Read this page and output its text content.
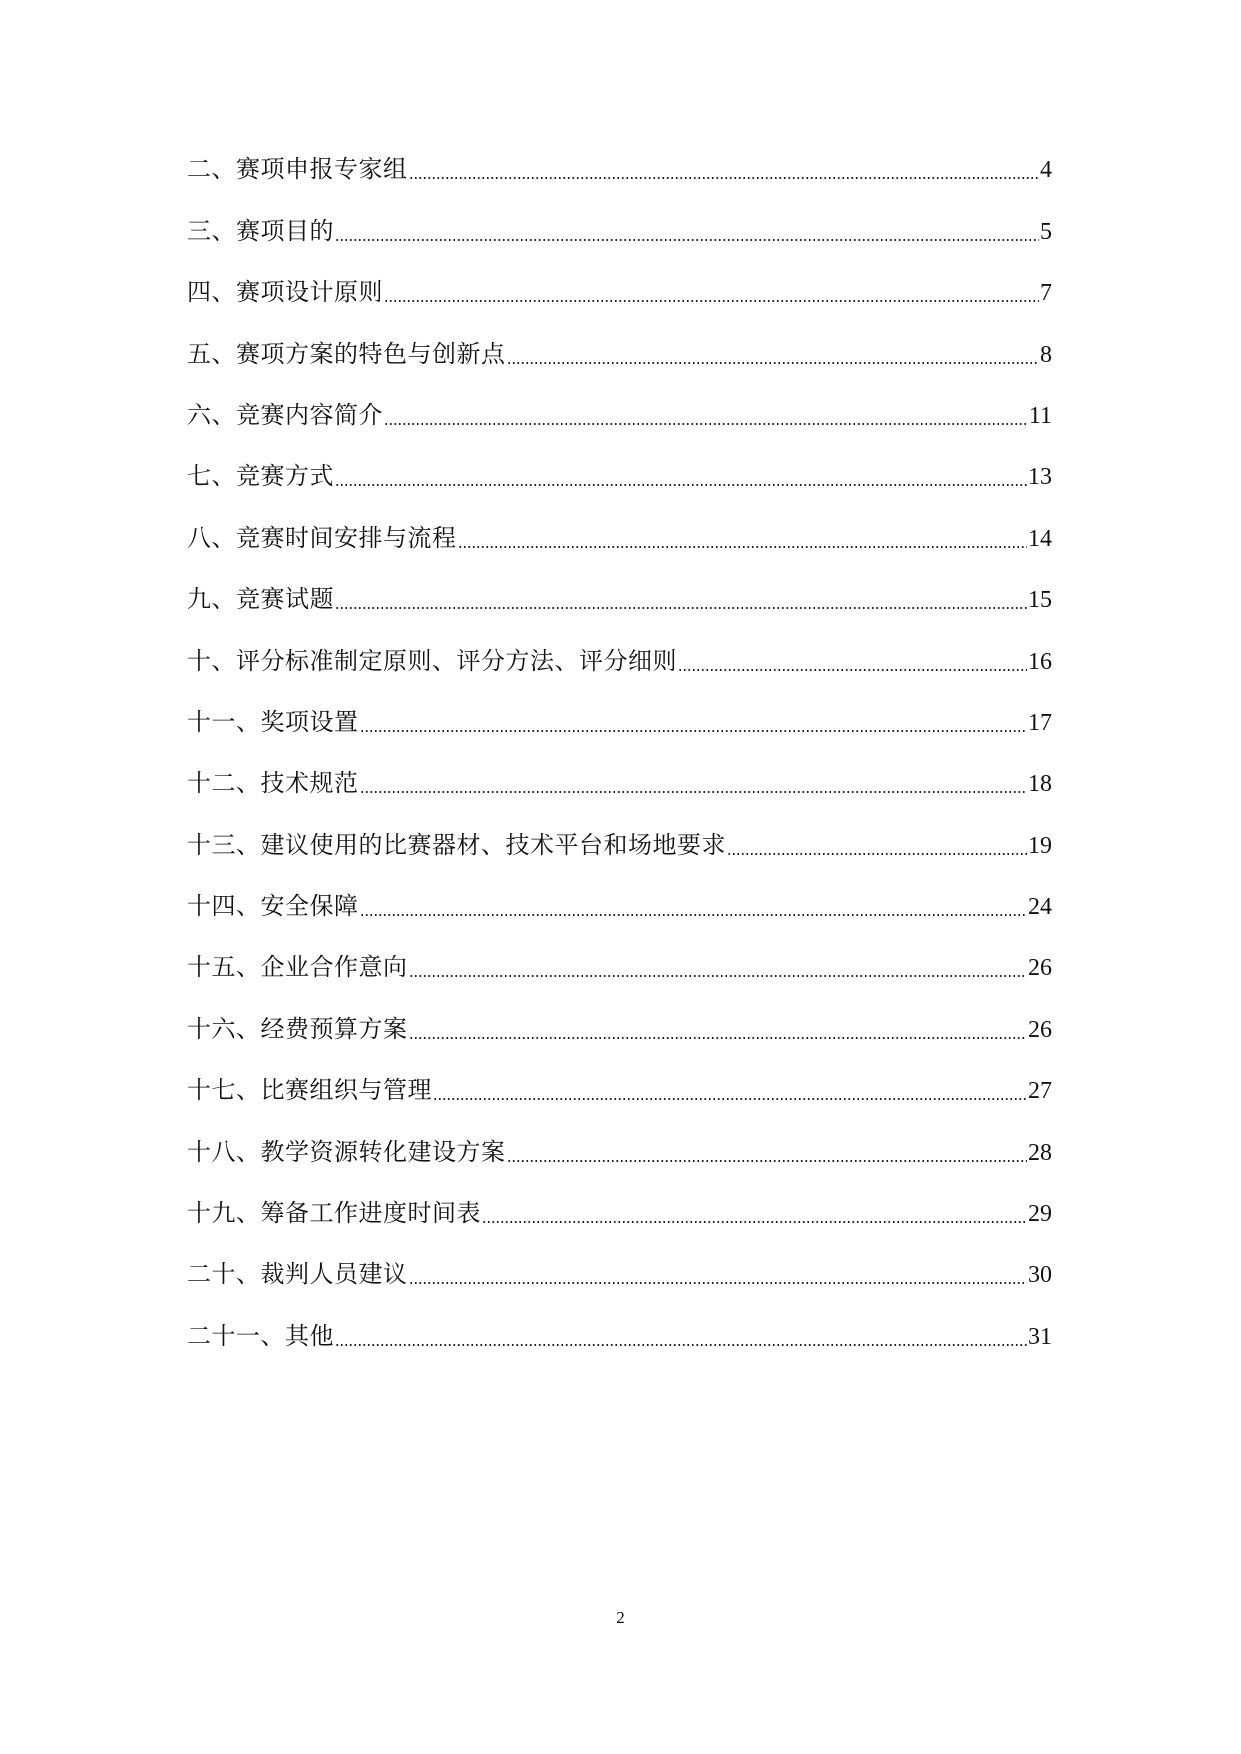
二、赛项申报专家组	4
三、赛项目的	5
四、赛项设计原则	7
五、赛项方案的特色与创新点	8
六、竞赛内容简介	11
七、竞赛方式	13
八、竞赛时间安排与流程	14
九、竞赛试题	15
十、评分标准制定原则、评分方法、评分细则	16
十一、奖项设置	17
十二、技术规范	18
十三、建议使用的比赛器材、技术平台和场地要求	19
十四、安全保障	24
十五、企业合作意向	26
十六、经费预算方案	26
十七、比赛组织与管理	27
十八、教学资源转化建设方案	28
十九、筹备工作进度时间表	29
二十、裁判人员建议	30
二十一、其他	31
2
